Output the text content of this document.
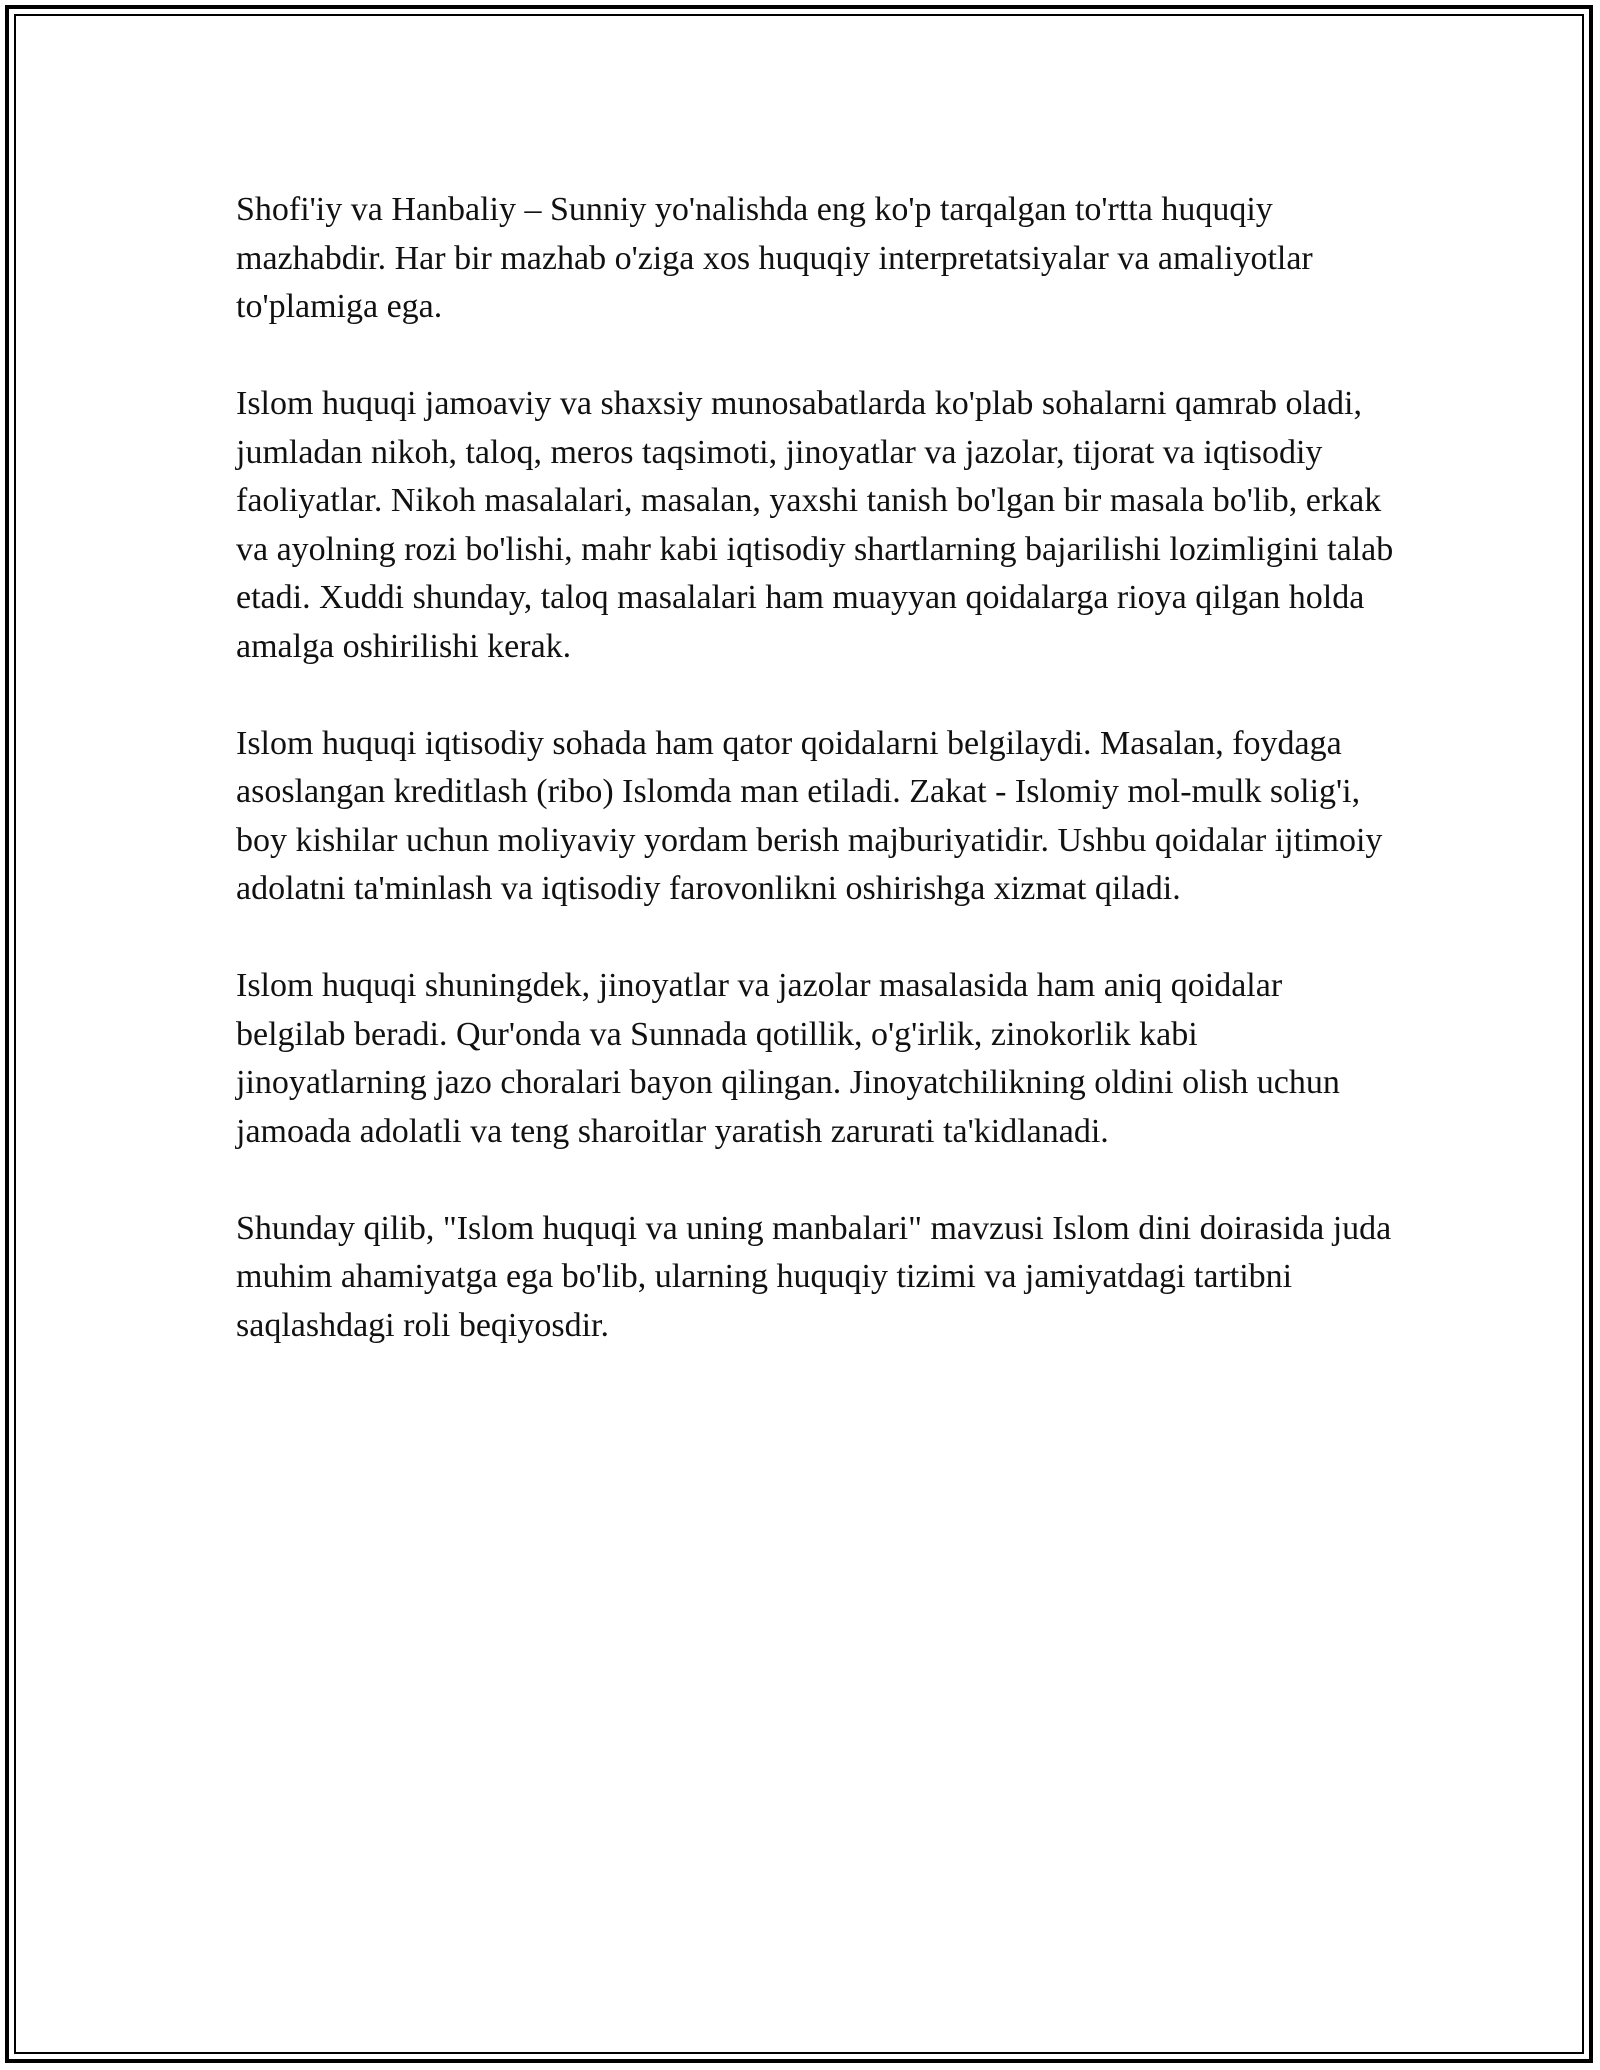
Shofi'iy va Hanbaliy – Sunniy yo'nalishda eng ko'p tarqalgan to'rtta huquqiy mazhabdir. Har bir mazhab o'ziga xos huquqiy interpretatsiyalar va amaliyotlar to'plamiga ega.

Islom huquqi jamoaviy va shaxsiy munosabatlarda ko'plab sohalarni qamrab oladi, jumladan nikoh, taloq, meros taqsimoti, jinoyatlar va jazolar, tijorat va iqtisodiy faoliyatlar. Nikoh masalalari, masalan, yaxshi tanish bo'lgan bir masala bo'lib, erkak va ayolning rozi bo'lishi, mahr kabi iqtisodiy shartlarning bajarilishi lozimligini talab etadi. Xuddi shunday, taloq masalalari ham muayyan qoidalarga rioya qilgan holda amalga oshirilishi kerak.

Islom huquqi iqtisodiy sohada ham qator qoidalarni belgilaydi. Masalan, foydaga asoslangan kreditlash (ribo) Islomda man etiladi. Zakat - Islomiy mol-mulk solig'i, boy kishilar uchun moliyaviy yordam berish majburiyatidir. Ushbu qoidalar ijtimoiy adolatni ta'minlash va iqtisodiy farovonlikni oshirishga xizmat qiladi.

Islom huquqi shuningdek, jinoyatlar va jazolar masalasida ham aniq qoidalar belgilab beradi. Qur'onda va Sunnada qotillik, o'g'irlik, zinokorlik kabi jinoyatlarning jazo choralari bayon qilingan. Jinoyatchilikning oldini olish uchun jamoada adolatli va teng sharoitlar yaratish zarurati ta'kidlanadi.

Shunday qilib, "Islom huquqi va uning manbalari" mavzusi Islom dini doirasida juda muhim ahamiyatga ega bo'lib, ularning huquqiy tizimi va jamiyatdagi tartibni saqlashdagi roli beqiyosdir.
